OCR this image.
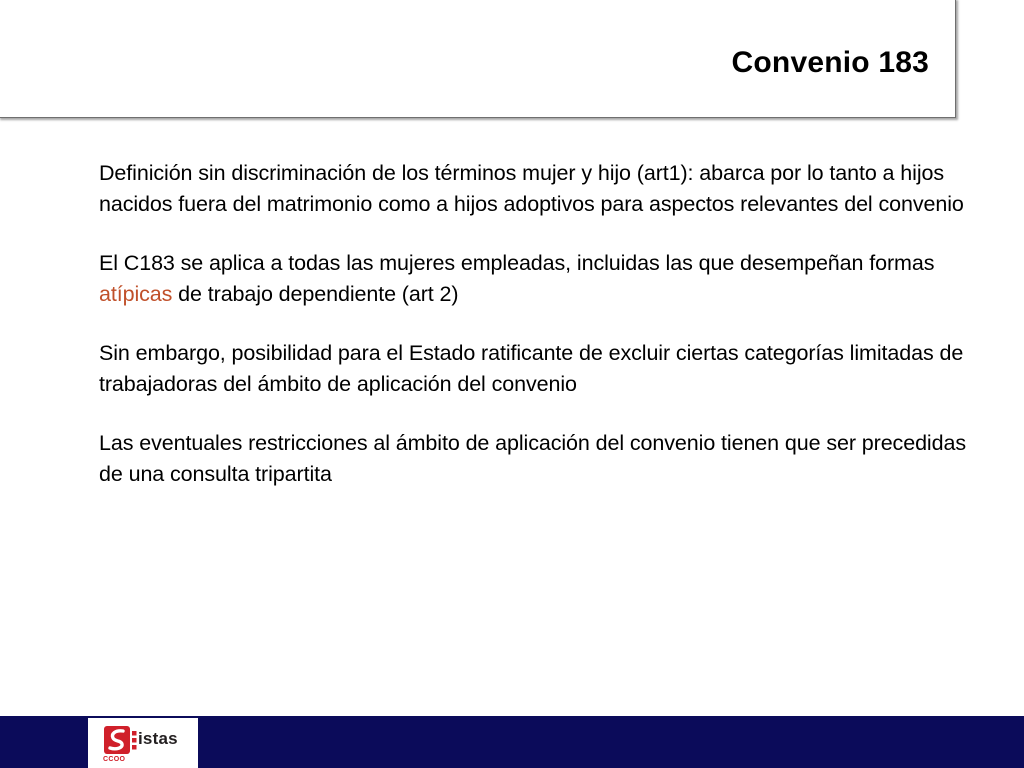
Convenio 183

Definición sin discriminación de los términos mujer y hijo (art1): abarca por lo tanto a hijos nacidos fuera del matrimonio como a hijos adoptivos para aspectos relevantes del convenio

El C183 se aplica a todas las mujeres empleadas, incluidas las que desempeñan formas atípicas de trabajo dependiente (art 2)

Sin embargo, posibilidad para el Estado ratificante de excluir ciertas categorías limitadas de trabajadoras del ámbito de aplicación del convenio

Las eventuales restricciones al ámbito de aplicación del convenio tienen que ser precedidas de una consulta tripartita

istas
CCOO
